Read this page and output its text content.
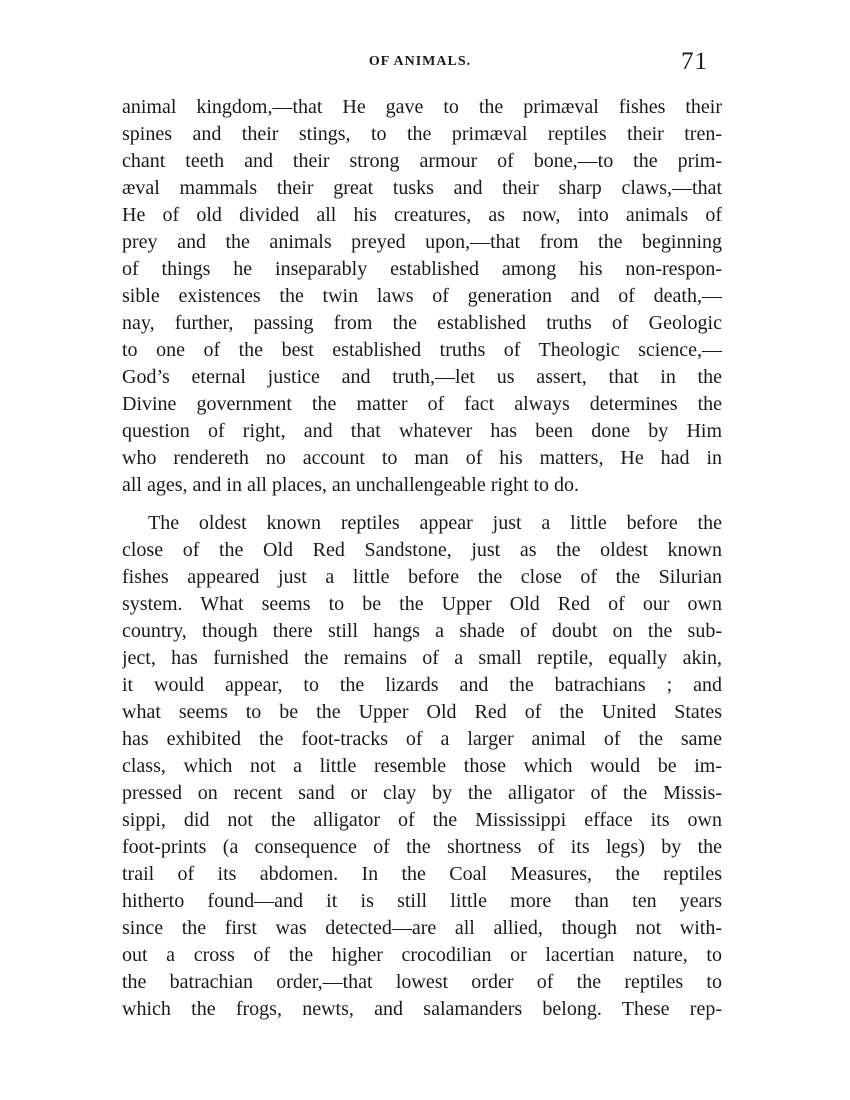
OF ANIMALS.	71
animal kingdom,—that He gave to the primæval fishes their
spines and their stings, to the primæval reptiles their tren-
chant teeth and their strong armour of bone,—to the prim-
æval mammals their great tusks and their sharp claws,—that
He of old divided all his creatures, as now, into animals of
prey and the animals preyed upon,—that from the beginning
of things he inseparably established among his non-respon-
sible existences the twin laws of generation and of death,—
nay, further, passing from the established truths of Geologic
to one of the best established truths of Theologic science,—
God’s eternal justice and truth,—let us assert, that in the
Divine government the matter of fact always determines the
question of right, and that whatever has been done by Him
who rendereth no account to man of his matters, He had in
all ages, and in all places, an unchallengeable right to do.
The oldest known reptiles appear just a little before the
close of the Old Red Sandstone, just as the oldest known
fishes appeared just a little before the close of the Silurian
system. What seems to be the Upper Old Red of our own
country, though there still hangs a shade of doubt on the sub-
ject, has furnished the remains of a small reptile, equally akin,
it would appear, to the lizards and the batrachians ; and
what seems to be the Upper Old Red of the United States
has exhibited the foot-tracks of a larger animal of the same
class, which not a little resemble those which would be im-
pressed on recent sand or clay by the alligator of the Missis-
sippi, did not the alligator of the Mississippi efface its own
foot-prints (a consequence of the shortness of its legs) by the
trail of its abdomen. In the Coal Measures, the reptiles
hitherto found—and it is still little more than ten years
since the first was detected—are all allied, though not with-
out a cross of the higher crocodilian or lacertian nature, to
the batrachian order,—that lowest order of the reptiles to
which the frogs, newts, and salamanders belong. These rep-
